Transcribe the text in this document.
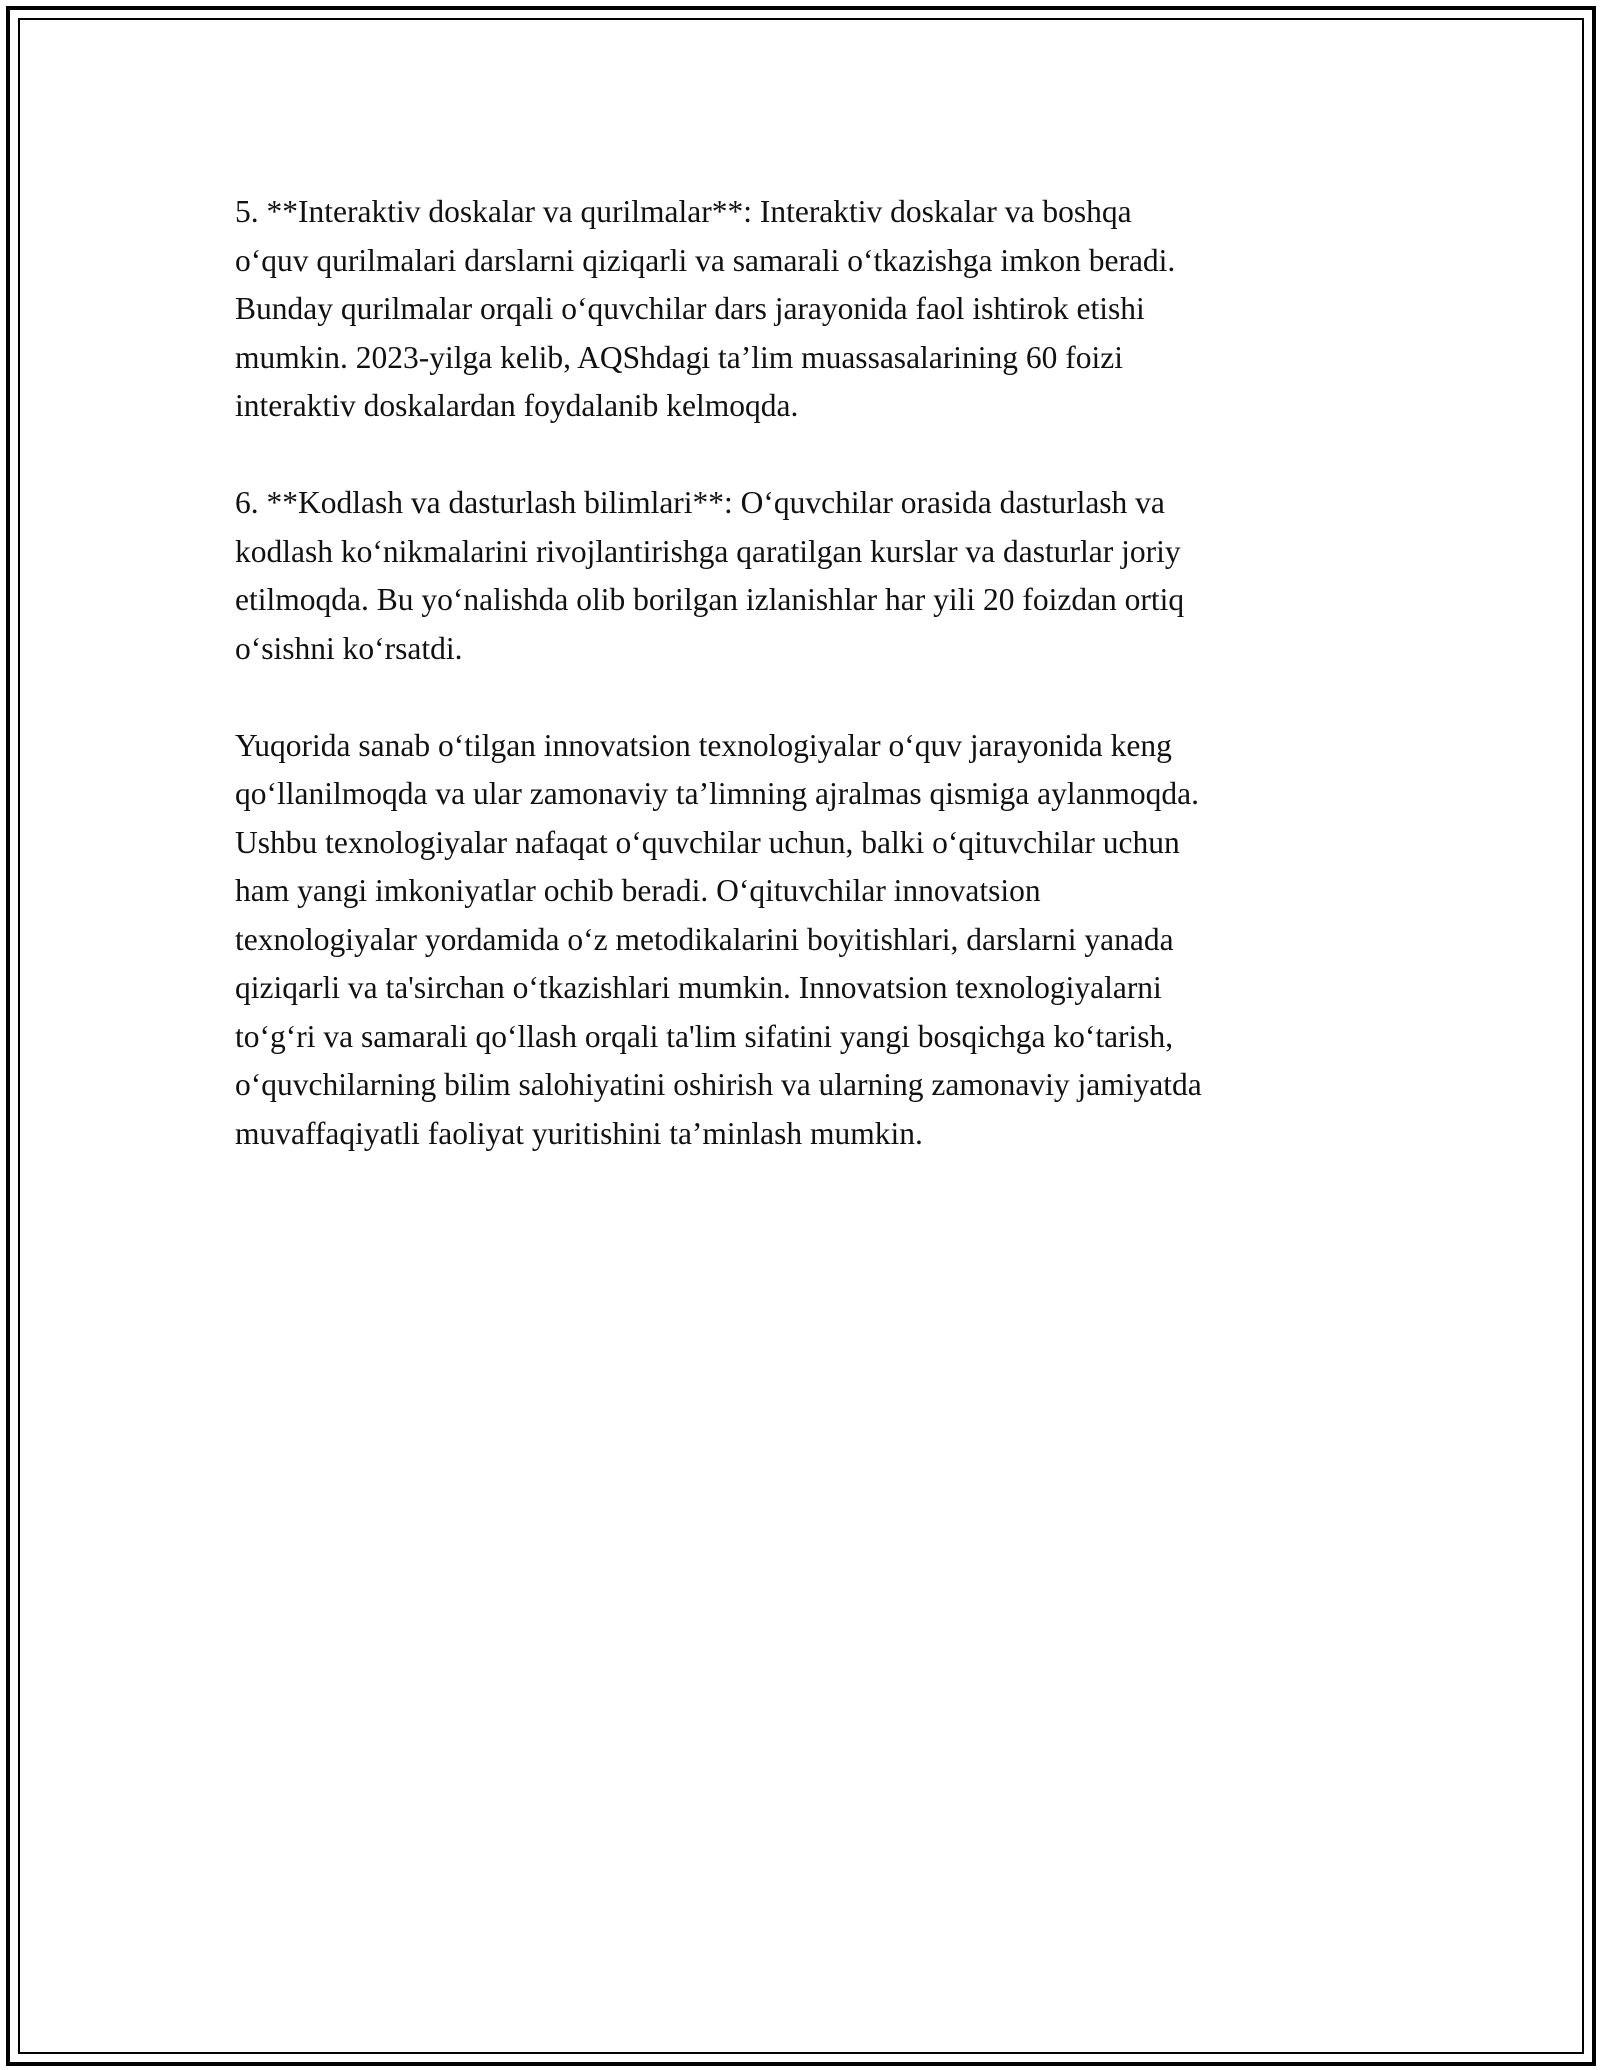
5. **Interaktiv doskalar va qurilmalar**: Interaktiv doskalar va boshqa
o‘quv qurilmalari darslarni qiziqarli va samarali o‘tkazishga imkon beradi.
Bunday qurilmalar orqali o‘quvchilar dars jarayonida faol ishtirok etishi
mumkin. 2023-yilga kelib, AQShdagi ta’lim muassasalarining 60 foizi
interaktiv doskalardan foydalanib kelmoqda.

6. **Kodlash va dasturlash bilimlari**: O‘quvchilar orasida dasturlash va
kodlash ko‘nikmalarini rivojlantirishga qaratilgan kurslar va dasturlar joriy
etilmoqda. Bu yo‘nalishda olib borilgan izlanishlar har yili 20 foizdan ortiq
o‘sishni ko‘rsatdi.

Yuqorida sanab o‘tilgan innovatsion texnologiyalar o‘quv jarayonida keng
qo‘llanilmoqda va ular zamonaviy ta’limning ajralmas qismiga aylanmoqda.
Ushbu texnologiyalar nafaqat o‘quvchilar uchun, balki o‘qituvchilar uchun
ham yangi imkoniyatlar ochib beradi. O‘qituvchilar innovatsion
texnologiyalar yordamida o‘z metodikalarini boyitishlari, darslarni yanada
qiziqarli va ta'sirchan o‘tkazishlari mumkin. Innovatsion texnologiyalarni
to‘g‘ri va samarali qo‘llash orqali ta'lim sifatini yangi bosqichga ko‘tarish,
o‘quvchilarning bilim salohiyatini oshirish va ularning zamonaviy jamiyatda
muvaffaqiyatli faoliyat yuritishini ta’minlash mumkin.
